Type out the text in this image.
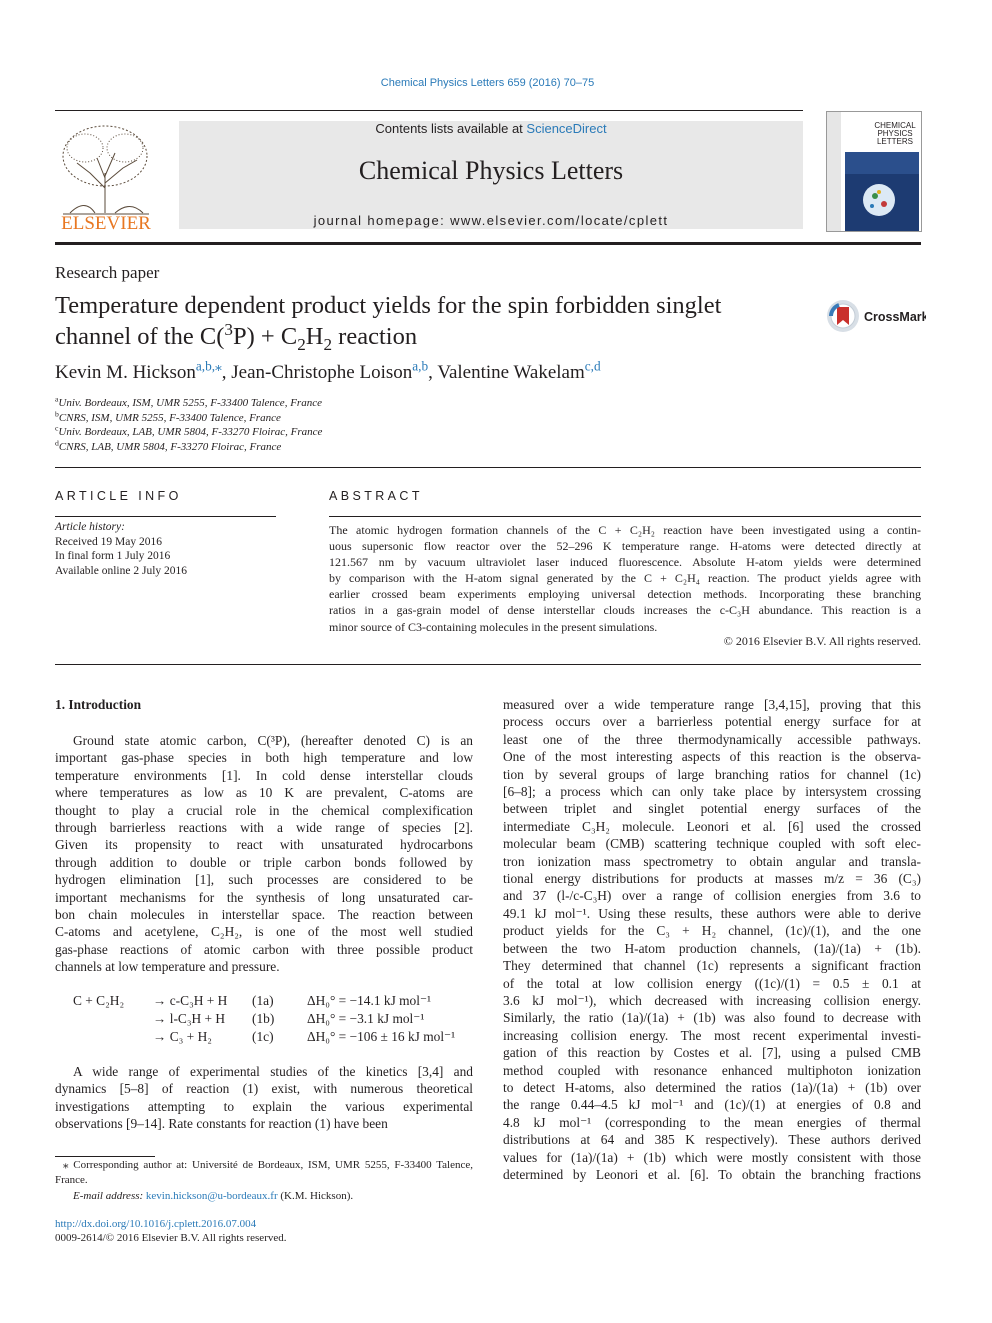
Chemical Physics Letters 659 (2016) 70–75
ELSEVIER
Contents lists available at ScienceDirect
Chemical Physics Letters
journal homepage: www.elsevier.com/locate/cplett
CHEMICAL
PHYSICS
LETTERS
Research paper
Temperature dependent product yields for the spin forbidden singlet
channel of the $C(^3P) + C_2H_2$ reaction
CrossMark
Kevin M. Hickson$^{a,b,⁎}$, Jean-Christophe Loison$^{a,b}$, Valentine Wakelam$^{c,d}$
$^a$Univ. Bordeaux, ISM, UMR 5255, F-33400 Talence, France
$^b$CNRS, ISM, UMR 5255, F-33400 Talence, France
$^c$Univ. Bordeaux, LAB, UMR 5804, F-33270 Floirac, France
$^d$CNRS, LAB, UMR 5804, F-33270 Floirac, France
ARTICLE INFO
Article history:
Received 19 May 2016
In final form 1 July 2016
Available online 2 July 2016
ABSTRACT
The atomic hydrogen formation channels of the C + C₂H₂ reaction have been investigated using a contin-
uous supersonic flow reactor over the 52–296 K temperature range. H-atoms were detected directly at
121.567 nm by vacuum ultraviolet laser induced fluorescence. Absolute H-atom yields were determined
by comparison with the H-atom signal generated by the C + C₂H₄ reaction. The product yields agree with
earlier crossed beam experiments employing universal detection methods. Incorporating these branching
ratios in a gas-grain model of dense interstellar clouds increases the c-C₃H abundance. This reaction is a
minor source of C3-containing molecules in the present simulations.
© 2016 Elsevier B.V. All rights reserved.
1. Introduction
Ground state atomic carbon, C(³P), (hereafter denoted C) is an
important gas-phase species in both high temperature and low
temperature environments [1]. In cold dense interstellar clouds
where temperatures as low as 10 K are prevalent, C-atoms are
thought to play a crucial role in the chemical complexification
through barrierless reactions with a wide range of species [2].
Given its propensity to react with unsaturated hydrocarbons
through addition to double or triple carbon bonds followed by
hydrogen elimination [1], such processes are considered to be
important mechanisms for the synthesis of long unsaturated car-
bon chain molecules in interstellar space. The reaction between
C-atoms and acetylene, C₂H₂, is one of the most well studied
gas-phase reactions of atomic carbon with three possible product
channels at low temperature and pressure.
C + C₂H₂ → c-C₃H + H (1a) ΔH₀° = −14.1 kJ mol⁻¹
→ l-C₃H + H (1b) ΔH₀° = −3.1 kJ mol⁻¹
→ C₃ + H₂	(1c) ΔH₀° = −106 ± 16 kJ mol⁻¹
A wide range of experimental studies of the kinetics [3,4] and
dynamics [5–8] of reaction (1) exist, with numerous theoretical
investigations attempting to explain the various experimental
observations [9–14]. Rate constants for reaction (1) have been
measured over a wide temperature range [3,4,15], proving that this
process occurs over a barrierless potential energy surface for at
least one of the three thermodynamically accessible pathways.
One of the most interesting aspects of this reaction is the observa-
tion by several groups of large branching ratios for channel (1c)
[6–8]; a process which can only take place by intersystem crossing
between triplet and singlet potential energy surfaces of the
intermediate C₃H₂ molecule. Leonori et al. [6] used the crossed
molecular beam (CMB) scattering technique coupled with soft elec-
tron ionization mass spectrometry to obtain angular and transla-
tional energy distributions for products at masses m/z = 36 (C₃)
and 37 (l-/c-C₃H) over a range of collision energies from 3.6 to
49.1 kJ mol⁻¹. Using these results, these authors were able to derive
product yields for the C₃ + H₂ channel, (1c)/(1), and the one
between the two H-atom production channels, (1a)/(1a) + (1b).
They determined that channel (1c) represents a significant fraction
of the total at low collision energy ((1c)/(1) = 0.5 ± 0.1 at
3.6 kJ mol⁻¹), which decreased with increasing collision energy.
Similarly, the ratio (1a)/(1a) + (1b) was also found to decrease with
increasing collision energy. The most recent experimental investi-
gation of this reaction by Costes et al. [7], using a pulsed CMB
method coupled with resonance enhanced multiphoton ionization
to detect H-atoms, also determined the ratios (1a)/(1a) + (1b) over
the range 0.44–4.5 kJ mol⁻¹ and (1c)/(1) at energies of 0.8 and
4.8 kJ mol⁻¹ (corresponding to the mean energies of thermal
distributions at 64 and 385 K respectively). These authors derived
values for (1a)/(1a) + (1b) which were mostly consistent with those
determined by Leonori et al. [6]. To obtain the branching fractions
⁎ Corresponding author at: Université de Bordeaux, ISM, UMR 5255, F-33400 Talence, France.
E-mail address: kevin.hickson@u-bordeaux.fr (K.M. Hickson).
http://dx.doi.org/10.1016/j.cplett.2016.07.004
0009-2614/© 2016 Elsevier B.V. All rights reserved.
